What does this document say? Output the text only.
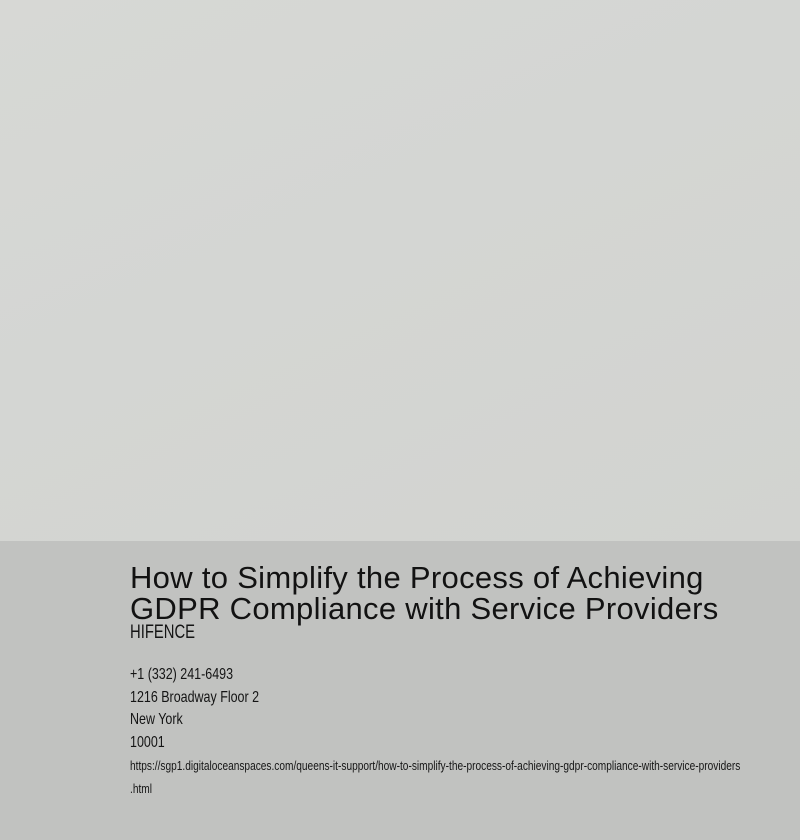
How to Simplify the Process of Achieving GDPR Compliance with Service Providers
HIFENCE
+1 (332) 241-6493
1216 Broadway Floor 2
New York
10001
https://sgp1.digitaloceanspaces.com/queens-it-support/how-to-simplify-the-process-of-achieving-gdpr-compliance-with-service-providers
.html
